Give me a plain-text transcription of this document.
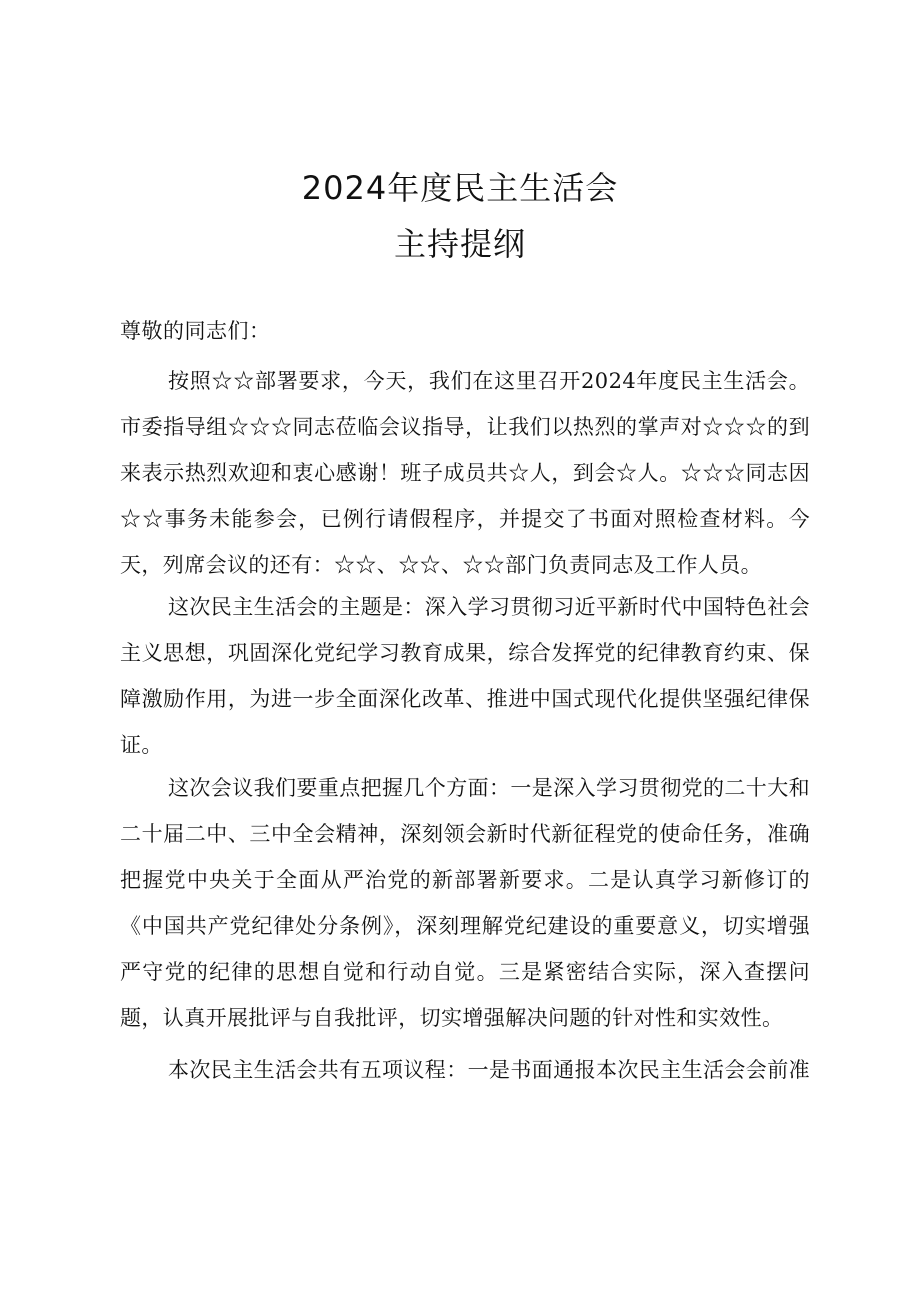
2024年度民主生活会
主持提纲
尊敬的同志们：

按照☆☆部署要求，今天，我们在这里召开2024年度民主生活会。市委指导组☆☆☆同志莅临会议指导，让我们以热烈的掌声对☆☆☆的到来表示热烈欢迎和衷心感谢！班子成员共☆人，到会☆人。☆☆☆同志因☆☆事务未能参会，已例行请假程序，并提交了书面对照检查材料。今天，列席会议的还有：☆☆、☆☆、☆☆部门负责同志及工作人员。

这次民主生活会的主题是：深入学习贯彻习近平新时代中国特色社会主义思想，巩固深化党纪学习教育成果，综合发挥党的纪律教育约束、保障激励作用，为进一步全面深化改革、推进中国式现代化提供坚强纪律保证。

这次会议我们要重点把握几个方面：一是深入学习贯彻党的二十大和二十届二中、三中全会精神，深刻领会新时代新征程党的使命任务，准确把握党中央关于全面从严治党的新部署新要求。二是认真学习新修订的《中国共产党纪律处分条例》，深刻理解党纪建设的重要意义，切实增强严守党的纪律的思想自觉和行动自觉。三是紧密结合实际，深入查摆问题，认真开展批评与自我批评，切实增强解决问题的针对性和实效性。

本次民主生活会共有五项议程：一是书面通报本次民主生活会会前准
